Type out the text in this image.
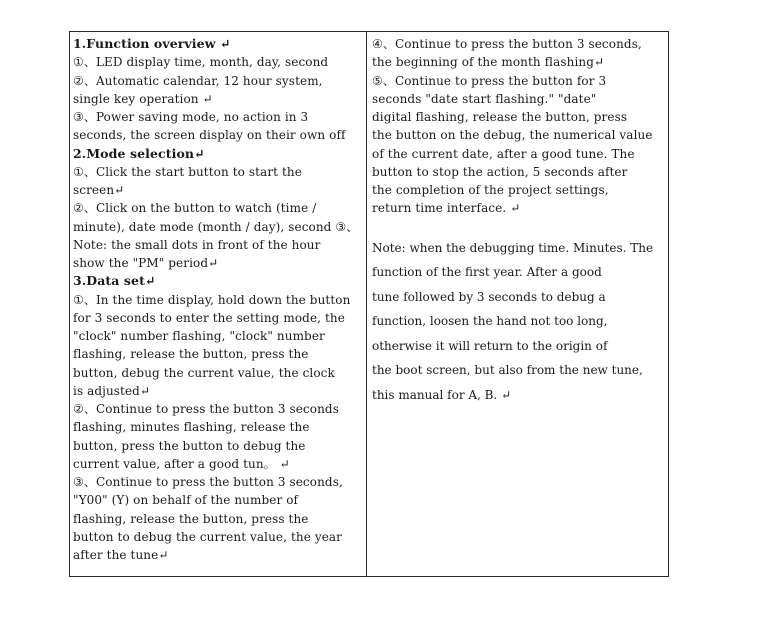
1.Function overview ↵
①、LED display time, month, day, second
②、Automatic calendar, 12 hour system,
single key operation ↵
③、Power saving mode, no action in 3
seconds, the screen display on their own off
2.Mode selection↵
①、Click the start button to start the
screen↵
②、Click on the button to watch (time /
minute), date mode (month / day), second ③、
Note: the small dots in front of the hour
show the "PM" period↵
3.Data set↵
①、In the time display, hold down the button
for 3 seconds to enter the setting mode, the
"clock" number flashing, "clock" number
flashing, release the button, press the
button, debug the current value, the clock
is adjusted↵
②、Continue to press the button 3 seconds
flashing, minutes flashing, release the
button, press the button to debug the
current value, after a good tun。 ↵
③、Continue to press the button 3 seconds,
"Y00" (Y) on behalf of the number of
flashing, release the button, press the
button to debug the current value, the year
after the tune↵
④、Continue to press the button 3 seconds,
the beginning of the month flashing↵
⑤、Continue to press the button for 3
seconds "date start flashing." "date"
digital flashing, release the button, press
the button on the debug, the numerical value
of the current date, after a good tune. The
button to stop the action, 5 seconds after
the completion of the project settings,
return time interface. ↵
Note: when the debugging time. Minutes. The
function of the first year. After a good
tune followed by 3 seconds to debug a
function, loosen the hand not too long,
otherwise it will return to the origin of
the boot screen, but also from the new tune,
this manual for A, B. ↵
